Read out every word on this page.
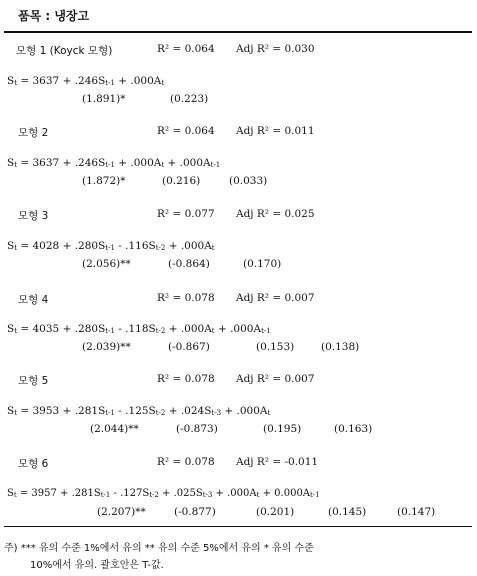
품목 : 냉장고
모형 1 (Koyck 모형)	R² = 0.064 Adj R² = 0.030
$S_t = 3637 + .246S_{t-1} + .000A_t$
(1.891)*	(0.223)
모형 2	R² = 0.064 Adj R² = 0.011
$S_t = 3637 + .246S_{t-1} + .000A_t + .000A_{t-1}$
(1.872)*	(0.216)	(0.033)
모형 3	R² = 0.077 Adj R² = 0.025
$S_t = 4028 + .280S_{t-1} - .116S_{t-2} + .000A_t$
(2.056)**	(-0.864)	(0.170)
모형 4	R² = 0.078 Adj R² = 0.007
$S_t = 4035 + .280S_{t-1} - .118S_{t-2} + .000A_t + .000A_{t-1}$
(2.039)**	(-0.867)	(0.153)	(0.138)
모형 5	R² = 0.078 Adj R² = 0.007
$S_t = 3953 + .281S_{t-1} - .125S_{t-2} + .024S_{t-3} + .000A_t$
(2.044)**	(-0.873)	(0.195)	(0.163)
모형 6	R² = 0.078 Adj R² = -0.011
$S_t = 3957 + .281S_{t-1} - .127S_{t-2} + .025S_{t-3} + .000A_t + 0.000A_{t-1}$
(2.207)**	(-0.877)	(0.201)	(0.145)	(0.147)
주) *** 유의 수준 1%에서 유의 ** 유의 수준 5%에서 유의 * 유의 수준
10%에서 유의. 괄호안은 T-값.
